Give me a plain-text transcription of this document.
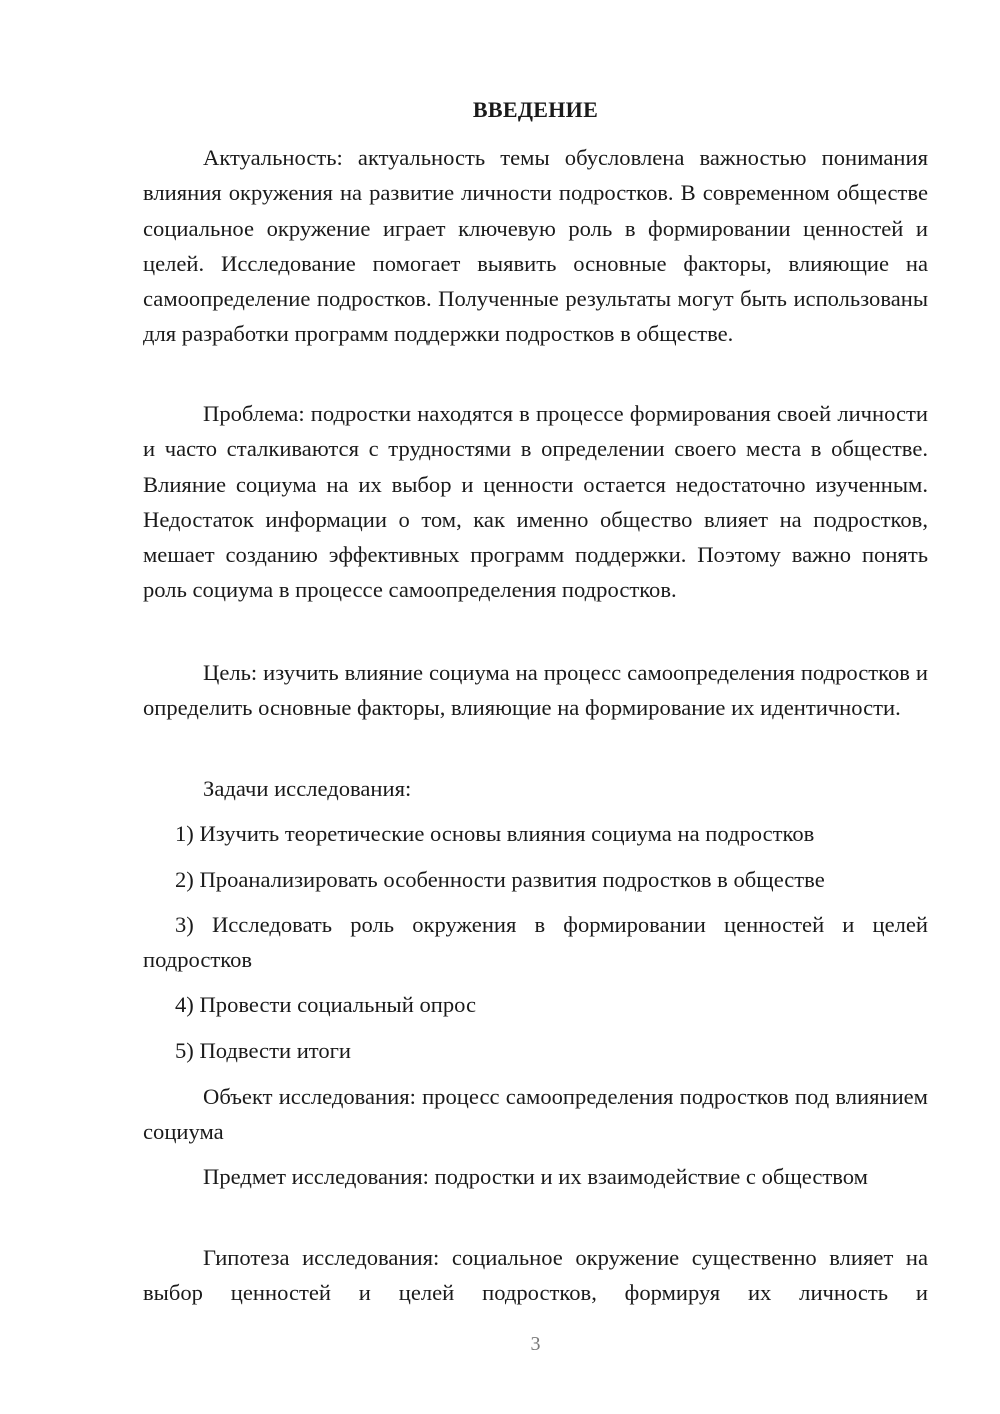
ВВЕДЕНИЕ

Актуальность: актуальность темы обусловлена важностью понимания влияния окружения на развитие личности подростков. В современном обществе социальное окружение играет ключевую роль в формировании ценностей и целей. Исследование помогает выявить основные факторы, влияющие на самоопределение подростков. Полученные результаты могут быть использованы для разработки программ поддержки подростков в обществе.

Проблема: подростки находятся в процессе формирования своей личности и часто сталкиваются с трудностями в определении своего места в обществе. Влияние социума на их выбор и ценности остается недостаточно изученным. Недостаток информации о том, как именно общество влияет на подростков, мешает созданию эффективных программ поддержки. Поэтому важно понять роль социума в процессе самоопределения подростков.

Цель: изучить влияние социума на процесс самоопределения подростков и определить основные факторы, влияющие на формирование их идентичности.

Задачи исследования:

1) Изучить теоретические основы влияния социума на подростков

2) Проанализировать особенности развития подростков в обществе

3) Исследовать роль окружения в формировании ценностей и целей подростков

4) Провести социальный опрос

5) Подвести итоги

Объект исследования: процесс самоопределения подростков под влиянием социума

Предмет исследования: подростки и их взаимодействие с обществом

Гипотеза исследования: социальное окружение существенно влияет на выбор ценностей и целей подростков, формируя их личность и

3
